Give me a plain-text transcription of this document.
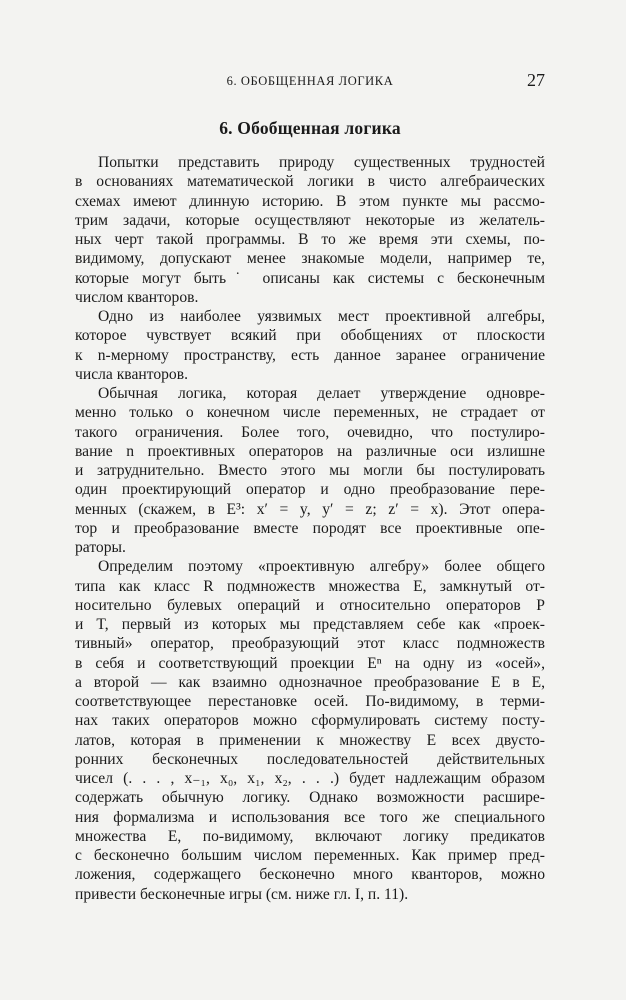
6. ОБОБЩЕННАЯ ЛОГИКА	27
6. Обобщенная логика
Попытки представить природу существенных трудностей
в основаниях математической логики в чисто алгебраических
схемах имеют длинную историю. В этом пункте мы рассмо-
трим задачи, которые осуществляют некоторые из желатель-
ных черт такой программы. В то же время эти схемы, по-
видимому, допускают менее знакомые модели, например те,
которые могут быть˙ описаны как системы с бесконечным
числом кванторов.
Одно из наиболее уязвимых мест проективной алгебры,
которое чувствует всякий при обобщениях от плоскости
к n-мерному пространству, есть данное заранее ограничение
числа кванторов.
Обычная логика, которая делает утверждение одновре-
менно только о конечном числе переменных, не страдает от
такого ограничения. Более того, очевидно, что постулиро-
вание n проективных операторов на различные оси излишне
и затруднительно. Вместо этого мы могли бы постулировать
один проектирующий оператор и одно преобразование пере-
менных (скажем, в E³: x′ = y, y′ = z; z′ = x). Этот опера-
тор и преобразование вместе породят все проективные опе-
раторы.
Определим поэтому «проективную алгебру» более общего
типа как класс R подмножеств множества E, замкнутый от-
носительно булевых операций и относительно операторов P
и T, первый из которых мы представляем себе как «проек-
тивный» оператор, преобразующий этот класс подмножеств
в себя и соответствующий проекции Eⁿ на одну из «осей»,
а второй — как взаимно однозначное преобразование E в E,
соответствующее перестановке осей. По-видимому, в терми-
нах таких операторов можно сформулировать систему посту-
латов, которая в применении к множеству E всех двусто-
ронних бесконечных последовательностей действительных
чисел (. . . , x₋₁, x₀, x₁, x₂, . . .) будет надлежащим образом
содержать обычную логику. Однако возможности расшире-
ния формализма и использования все того же специального
множества E, по-видимому, включают логику предикатов
с бесконечно большим числом переменных. Как пример пред-
ложения, содержащего бесконечно много кванторов, можно
привести бесконечные игры (см. ниже гл. I, п. 11).
